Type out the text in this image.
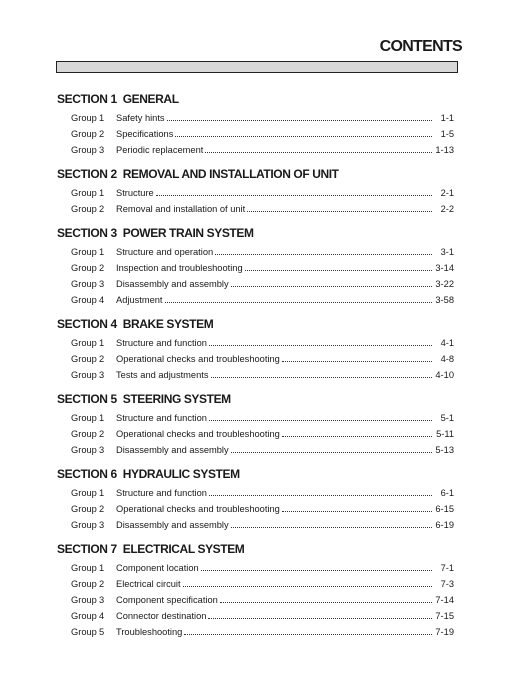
CONTENTS
SECTION 1 GENERAL
Group 1	Safety hints	1-1
Group 2	Specifications	1-5
Group 3	Periodic replacement	1-13
SECTION 2 REMOVAL AND INSTALLATION OF UNIT
Group 1	Structure	2-1
Group 2	Removal and installation of unit	2-2
SECTION 3 POWER TRAIN SYSTEM
Group 1	Structure and operation	3-1
Group 2	Inspection and troubleshooting	3-14
Group 3	Disassembly and assembly	3-22
Group 4	Adjustment	3-58
SECTION 4 BRAKE SYSTEM
Group 1	Structure and function	4-1
Group 2	Operational checks and troubleshooting	4-8
Group 3	Tests and adjustments	4-10
SECTION 5 STEERING SYSTEM
Group 1	Structure and function	5-1
Group 2	Operational checks and troubleshooting	5-11
Group 3	Disassembly and assembly	5-13
SECTION 6 HYDRAULIC SYSTEM
Group 1	Structure and function	6-1
Group 2	Operational checks and troubleshooting	6-15
Group 3	Disassembly and assembly	6-19
SECTION 7 ELECTRICAL SYSTEM
Group 1	Component location	7-1
Group 2	Electrical circuit	7-3
Group 3	Component specification	7-14
Group 4	Connector destination	7-15
Group 5	Troubleshooting	7-19
